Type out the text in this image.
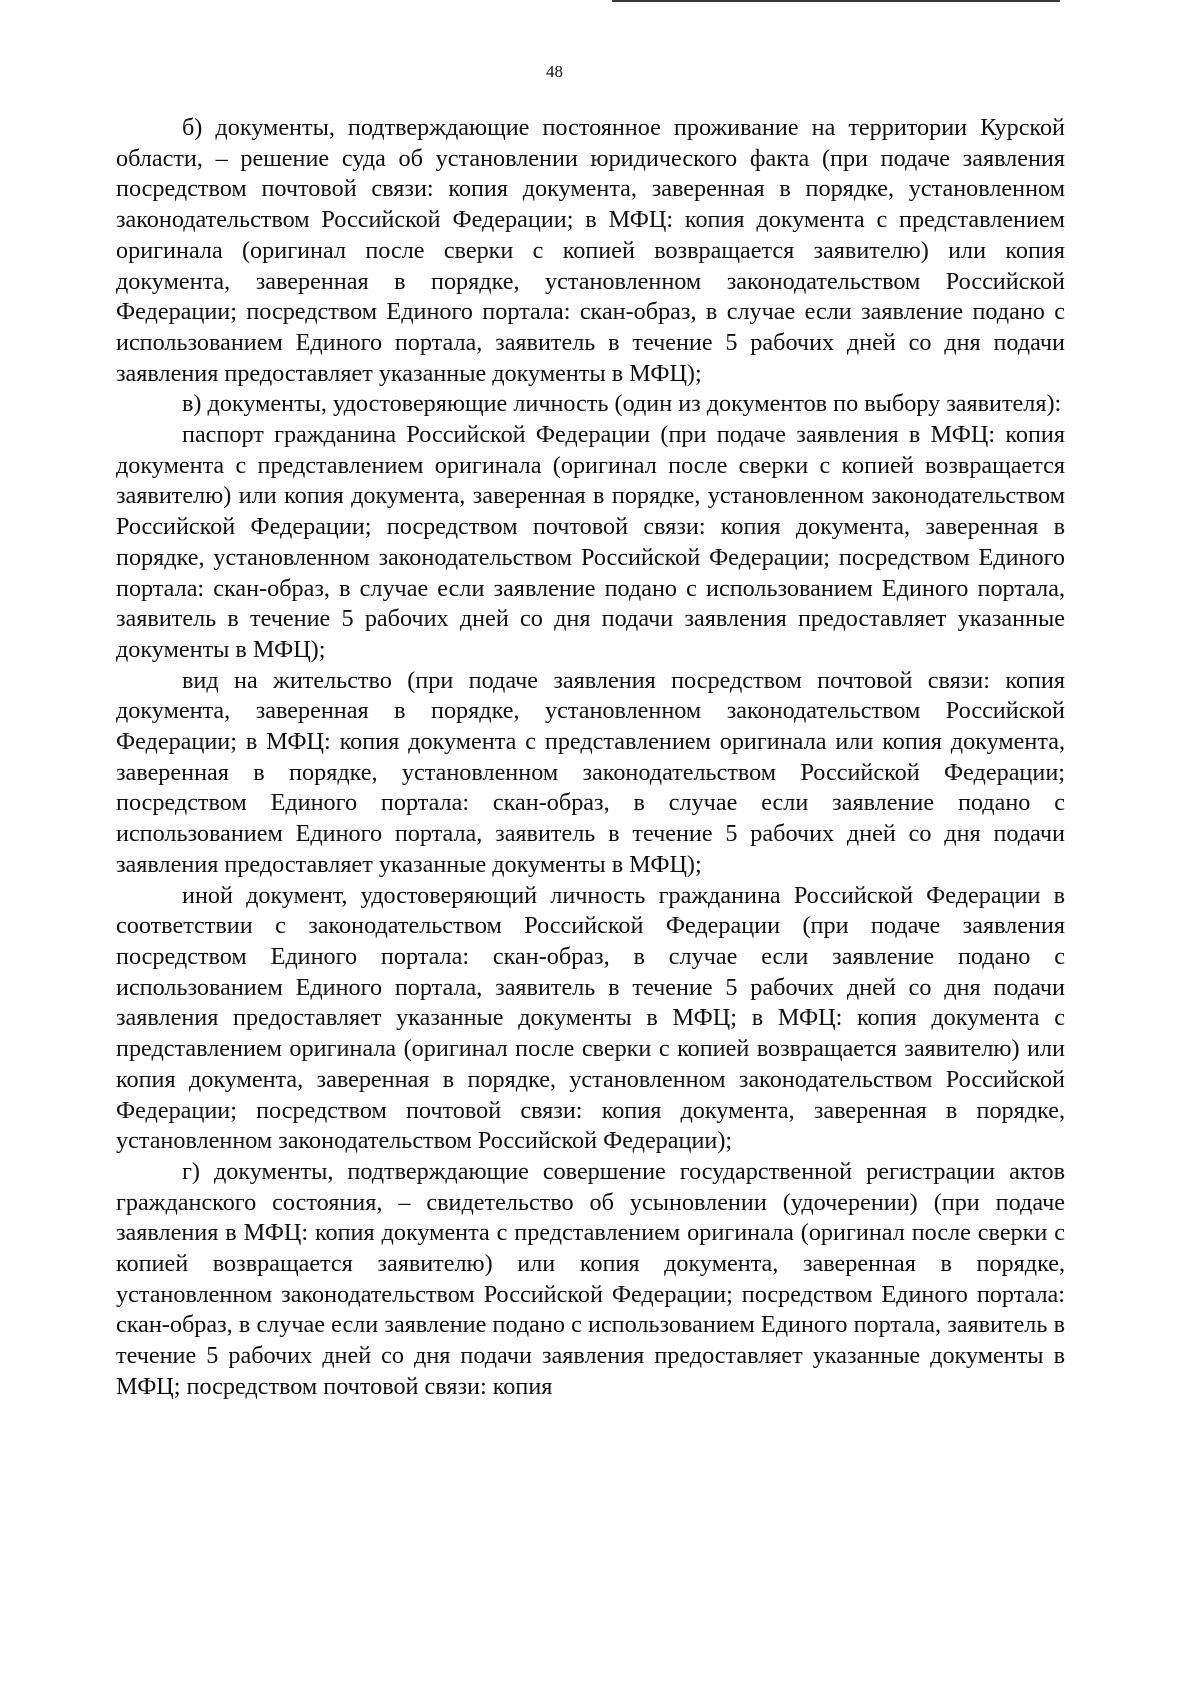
48

б) документы, подтверждающие постоянное проживание на территории Курской области, – решение суда об установлении юридического факта (при подаче заявления посредством почтовой связи: копия документа, заверенная в порядке, установленном законодательством Российской Федерации; в МФЦ: копия документа с представлением оригинала (оригинал после сверки с копией возвращается заявителю) или копия документа, заверенная в порядке, установленном законодательством Российской Федерации; посредством Единого портала: скан-образ, в случае если заявление подано с использованием Единого портала, заявитель в течение 5 рабочих дней со дня подачи заявления предоставляет указанные документы в МФЦ);

в) документы, удостоверяющие личность (один из документов по выбору заявителя):

паспорт гражданина Российской Федерации (при подаче заявления в МФЦ: копия документа с представлением оригинала (оригинал после сверки с копией возвращается заявителю) или копия документа, заверенная в порядке, установленном законодательством Российской Федерации; посредством почтовой связи: копия документа, заверенная в порядке, установленном законодательством Российской Федерации; посредством Единого портала: скан-образ, в случае если заявление подано с использованием Единого портала, заявитель в течение 5 рабочих дней со дня подачи заявления предоставляет указанные документы в МФЦ);

вид на жительство (при подаче заявления посредством почтовой связи: копия документа, заверенная в порядке, установленном законодательством Российской Федерации; в МФЦ: копия документа с представлением оригинала или копия документа, заверенная в порядке, установленном законодательством Российской Федерации; посредством Единого портала: скан-образ, в случае если заявление подано с использованием Единого портала, заявитель в течение 5 рабочих дней со дня подачи заявления предоставляет указанные документы в МФЦ);

иной документ, удостоверяющий личность гражданина Российской Федерации в соответствии с законодательством Российской Федерации (при подаче заявления посредством Единого портала: скан-образ, в случае если заявление подано с использованием Единого портала, заявитель в течение 5 рабочих дней со дня подачи заявления предоставляет указанные документы в МФЦ; в МФЦ: копия документа с представлением оригинала (оригинал после сверки с копией возвращается заявителю) или копия документа, заверенная в порядке, установленном законодательством Российской Федерации; посредством почтовой связи: копия документа, заверенная в порядке, установленном законодательством Российской Федерации);

г) документы, подтверждающие совершение государственной регистрации актов гражданского состояния, – свидетельство об усыновлении (удочерении) (при подаче заявления в МФЦ: копия документа с представлением оригинала (оригинал после сверки с копией возвращается заявителю) или копия документа, заверенная в порядке, установленном законодательством Российской Федерации; посредством Единого портала: скан-образ, в случае если заявление подано с использованием Единого портала, заявитель в течение 5 рабочих дней со дня подачи заявления предоставляет указанные документы в МФЦ; посредством почтовой связи: копия
